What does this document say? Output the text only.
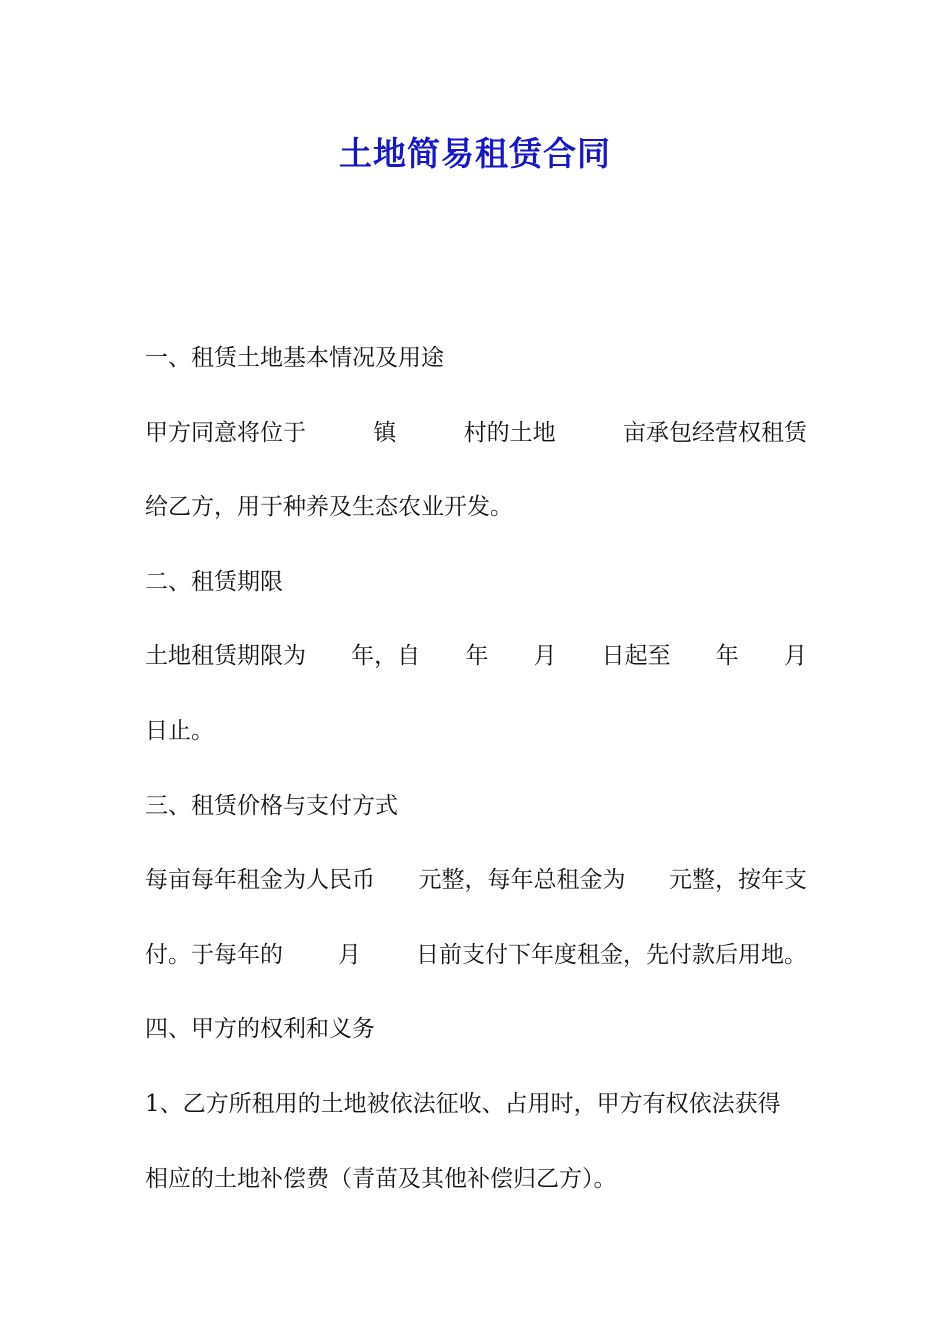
土地简易租赁合同

一、租赁土地基本情况及用途

甲方同意将位于	镇	村的土地	亩承包经营权租赁

给乙方，用于种养及生态农业开发。

二、租赁期限

土地租赁期限为 年，自 年 月 日起至 年 月

日止。

三、租赁价格与支付方式

每亩每年租金为人民币 元整，每年总租金为 元整，按年支

付。于每年的 月 日前支付下年度租金，先付款后用地。

四、甲方的权利和义务

1、乙方所租用的土地被依法征收、占用时，甲方有权依法获得

相应的土地补偿费（青苗及其他补偿归乙方）。
